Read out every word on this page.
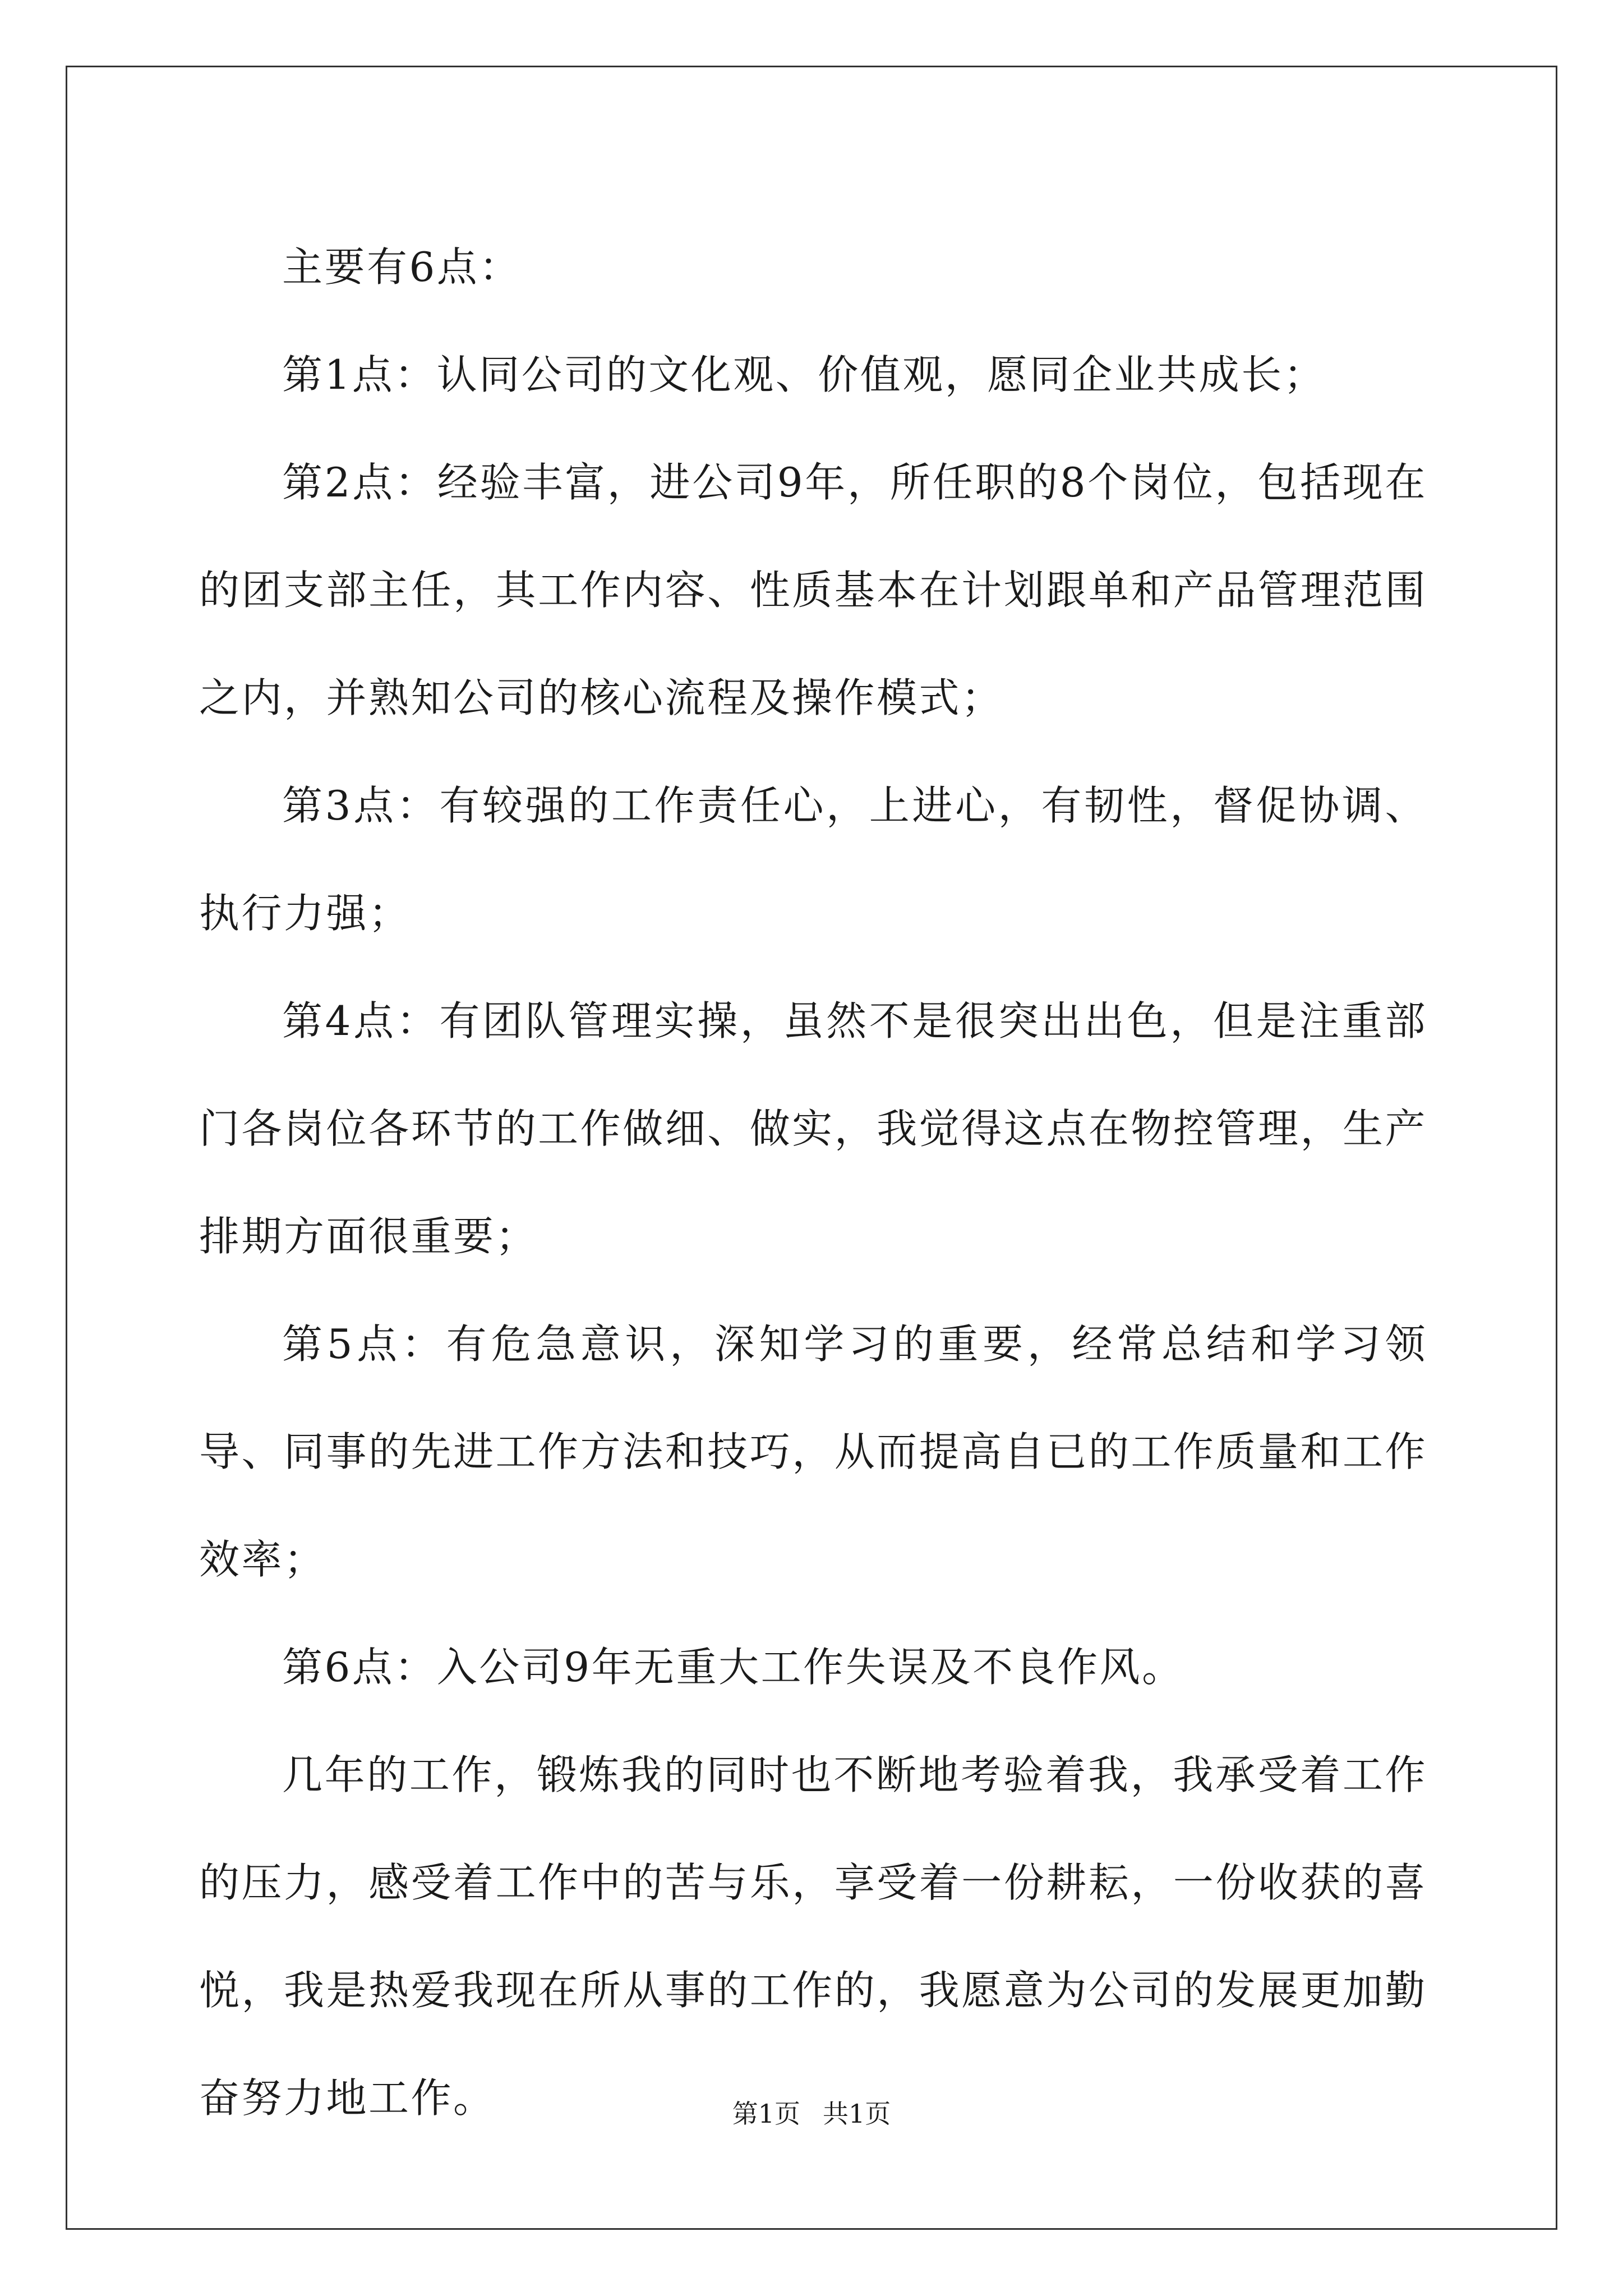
主要有6点：

第1点：认同公司的文化观、价值观，愿同企业共成长；

第2点：经验丰富，进公司9年，所任职的8个岗位，包括现在的团支部主任，其工作内容、性质基本在计划跟单和产品管理范围之内，并熟知公司的核心流程及操作模式；

第3点：有较强的工作责任心，上进心，有韧性，督促协调、执行力强；

第4点：有团队管理实操，虽然不是很突出出色，但是注重部门各岗位各环节的工作做细、做实，我觉得这点在物控管理，生产排期方面很重要；

第5点：有危急意识，深知学习的重要，经常总结和学习领导、同事的先进工作方法和技巧，从而提高自已的工作质量和工作效率；

第6点：入公司9年无重大工作失误及不良作风。

几年的工作，锻炼我的同时也不断地考验着我，我承受着工作的压力，感受着工作中的苦与乐，享受着一份耕耘，一份收获的喜悦，我是热爱我现在所从事的工作的，我愿意为公司的发展更加勤奋努力地工作。	第1页 共1页
